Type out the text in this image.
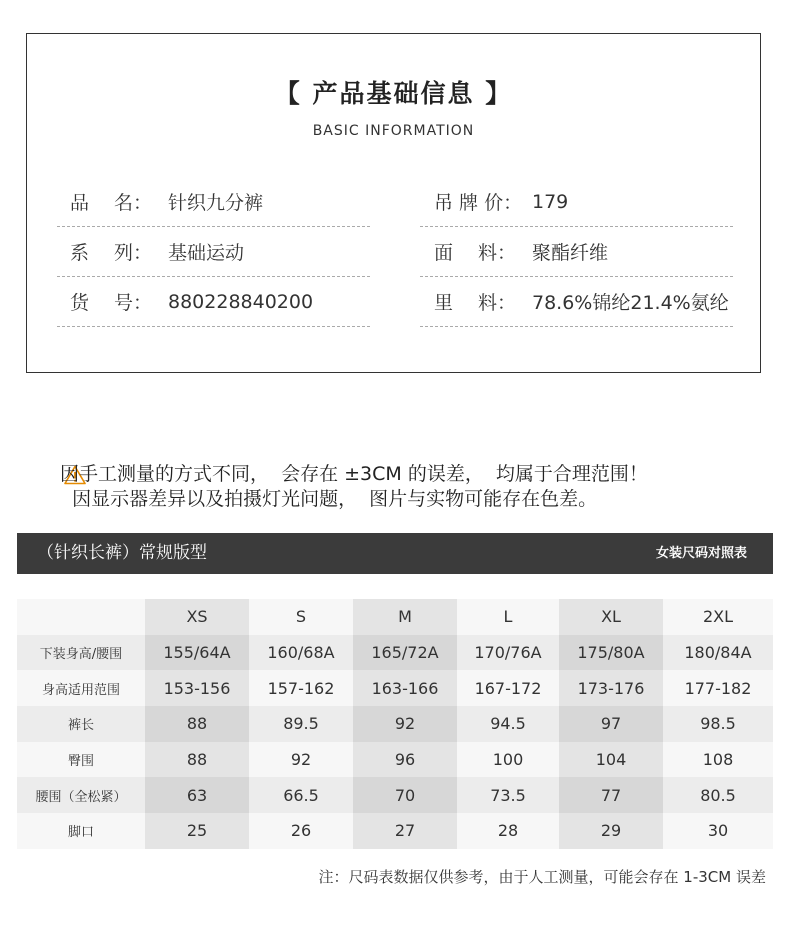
【 产品基础信息 】
BASIC INFORMATION
品　 名： 针织九分裤	吊 牌 价： 179
系　 列： 基础运动	面　 料： 聚酯纤维
货　 号： 880228840200	里　 料： 78.6%锦纶21.4%氨纶

因显示器差异以及拍摄灯光问题，  图片与实物可能存在色差。

因手工测量的方式不同，  会存在 ±3CM 的误差，  均属于合理范围！
（针织长裤）常规版型	女装尺码对照表
	XS	S	M	L	XL	2XL
下装身高/腰围	155/64A	160/68A	165/72A	170/76A	175/80A	180/84A
身高适用范围	153-156	157-162	163-166	167-172	173-176	177-182
裤长	88	89.5	92	94.5	97	98.5
臀围	88	92	96	100	104	108
腰围（全松紧）	63	66.5	70	73.5	77	80.5
脚口	25	26	27	28	29	30
注：尺码表数据仅供参考，由于人工测量，可能会存在 1-3CM 误差
